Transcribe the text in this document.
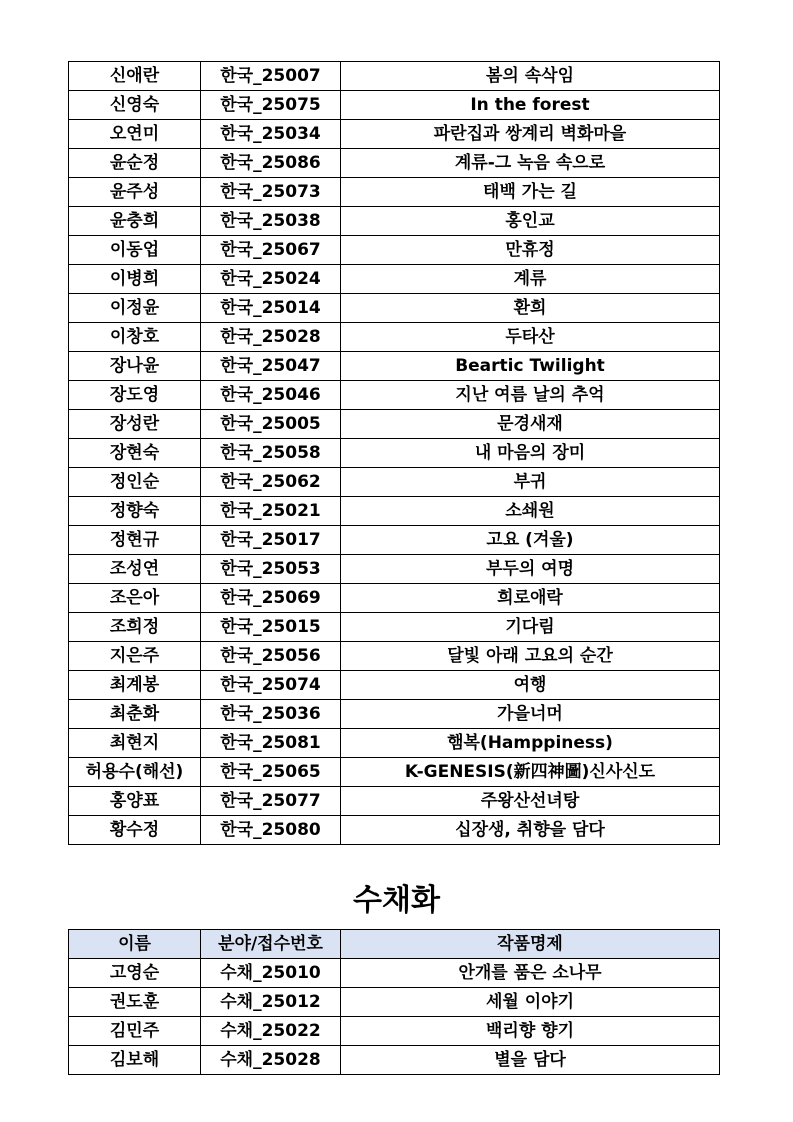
신애란	한국_25007	봄의 속삭임
신영숙	한국_25075	In the forest
오연미	한국_25034	파란집과 쌍계리 벽화마을
윤순정	한국_25086	계류-그 녹음 속으로
윤주성	한국_25073	태백 가는 길
윤충희	한국_25038	홍인교
이동업	한국_25067	만휴정
이병희	한국_25024	계류
이정윤	한국_25014	환희
이창호	한국_25028	두타산
장나윤	한국_25047	Beartic Twilight
장도영	한국_25046	지난 여름 날의 추억
장성란	한국_25005	문경새재
장현숙	한국_25058	내 마음의 장미
정인순	한국_25062	부귀
정향숙	한국_25021	소쇄원
정현규	한국_25017	고요 (겨울)
조성연	한국_25053	부두의 여명
조은아	한국_25069	희로애락
조희정	한국_25015	기다림
지은주	한국_25056	달빛 아래 고요의 순간
최계봉	한국_25074	여행
최춘화	한국_25036	가을너머
최현지	한국_25081	햄복(Hamppiness)
허용수(해선)	한국_25065	K-GENESIS(新四神圖)신사신도
홍양표	한국_25077	주왕산선녀탕
황수정	한국_25080	십장생, 취향을 담다
수채화
이름	분야/접수번호	작품명제
고영순	수채_25010	안개를 품은 소나무
권도훈	수채_25012	세월 이야기
김민주	수채_25022	백리향 향기
김보해	수채_25028	별을 담다
